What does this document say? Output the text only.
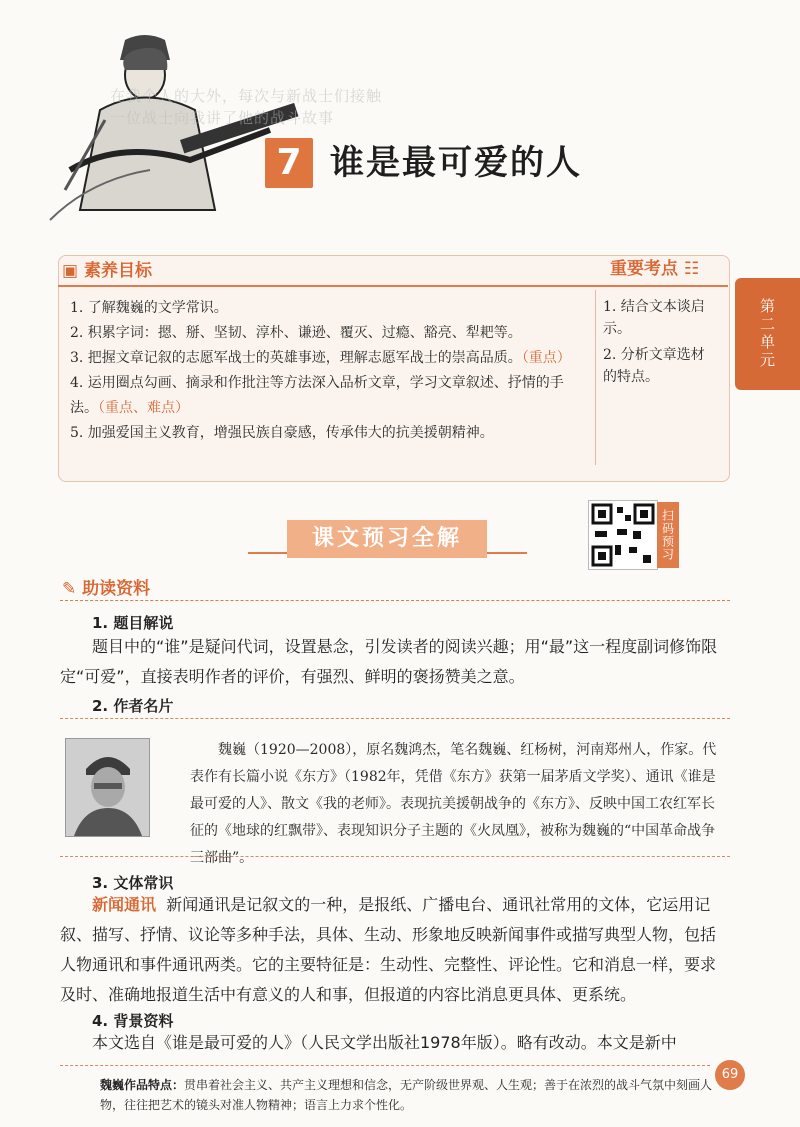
在我个人的大外，每次与新战士们接触
一位战士向我讲了他的战斗故事
7 谁是最可爱的人
第二单元
▣ 素养目标	重要考点 ☷

1. 了解魏巍的文学常识。

2. 积累字词：摁、掰、坚韧、淳朴、谦逊、覆灭、过瘾、豁亮、犁耙等。

3. 把握文章记叙的志愿军战士的英雄事迹，理解志愿军战士的崇高品质。（重点）

4. 运用圈点勾画、摘录和作批注等方法深入品析文章，学习文章叙述、抒情的手法。（重点、难点）

5. 加强爱国主义教育，增强民族自豪感，传承伟大的抗美援朝精神。

1. 结合文本谈启示。

2. 分析文章选材的特点。

课文预习全解	扫码预习
✎ 助读资料
1. 题目解说
题目中的“谁”是疑问代词，设置悬念，引发读者的阅读兴趣；用“最”这一程度副词修饰限定“可爱”，直接表明作者的评价，有强烈、鲜明的褒扬赞美之意。
2. 作者名片
魏巍（1920—2008），原名魏鸿杰，笔名魏巍、红杨树，河南郑州人，作家。代表作有长篇小说《东方》（1982年，凭借《东方》获第一届茅盾文学奖）、通讯《谁是最可爱的人》、散文《我的老师》。表现抗美援朝战争的《东方》、反映中国工农红军长征的《地球的红飘带》、表现知识分子主题的《火凤凰》，被称为魏巍的“中国革命战争三部曲”。
3. 文体常识
新闻通讯 新闻通讯是记叙文的一种，是报纸、广播电台、通讯社常用的文体，它运用记叙、描写、抒情、议论等多种手法，具体、生动、形象地反映新闻事件或描写典型人物，包括人物通讯和事件通讯两类。它的主要特征是：生动性、完整性、评论性。它和消息一样，要求及时、准确地报道生活中有意义的人和事，但报道的内容比消息更具体、更系统。
4. 背景资料
本文选自《谁是最可爱的人》（人民文学出版社1978年版）。略有改动。本文是新中
魏巍作品特点：贯串着社会主义、共产主义理想和信念，无产阶级世界观、人生观；善于在浓烈的战斗气氛中刻画人物，往往把艺术的镜头对准人物精神；语言上力求个性化。
69
